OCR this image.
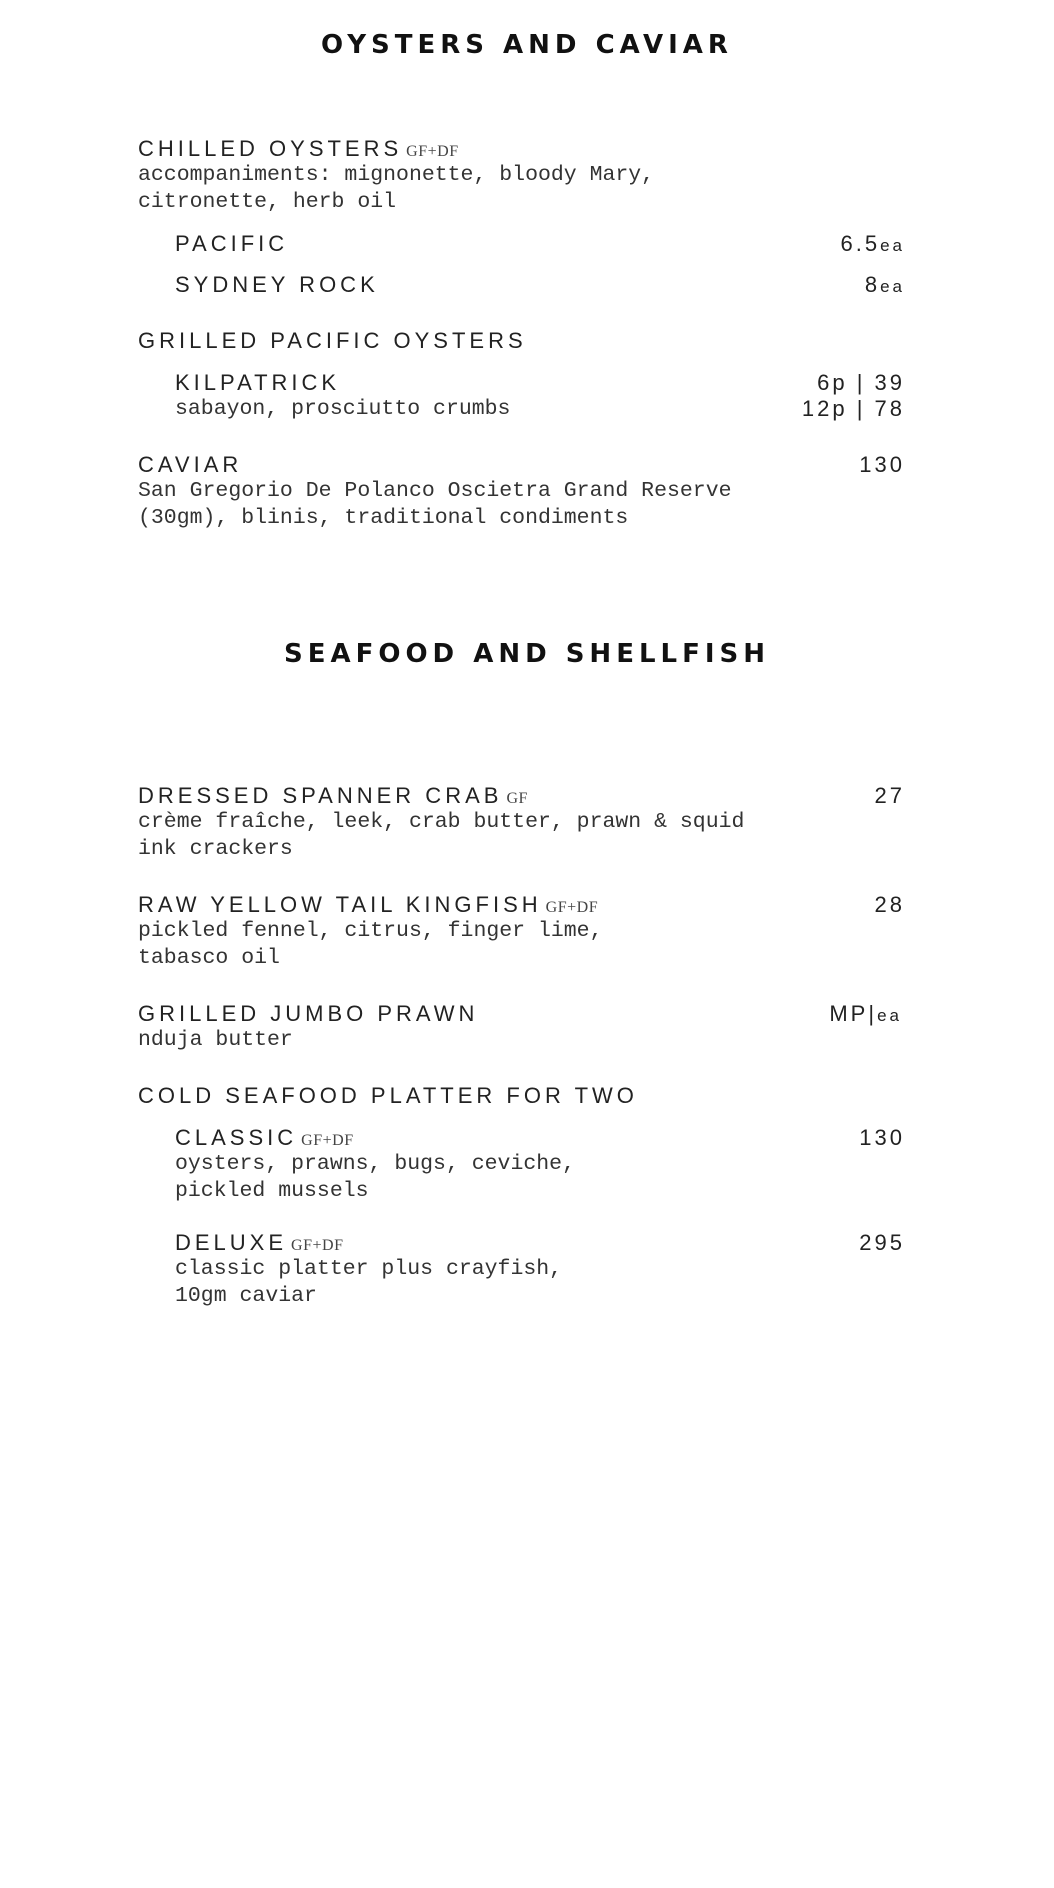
OYSTERS AND CAVIAR
CHILLED OYSTERS GF+DF
accompaniments: mignonette, bloody Mary,
citronette, herb oil
PACIFIC	6.5ea
SYDNEY ROCK	8ea
GRILLED PACIFIC OYSTERS
KILPATRICK	6p | 39
sabayon, prosciutto crumbs	12p | 78
CAVIAR	130
San Gregorio De Polanco Oscietra Grand Reserve
(30gm), blinis, traditional condiments
SEAFOOD AND SHELLFISH
DRESSED SPANNER CRAB GF	27
crème fraîche, leek, crab butter, prawn & squid
ink crackers
RAW YELLOW TAIL KINGFISH GF+DF	28
pickled fennel, citrus, finger lime,
tabasco oil
GRILLED JUMBO PRAWN	MP|ea
nduja butter
COLD SEAFOOD PLATTER FOR TWO
CLASSIC GF+DF	130
oysters, prawns, bugs, ceviche,
pickled mussels
DELUXE GF+DF	295
classic platter plus crayfish,
10gm caviar
